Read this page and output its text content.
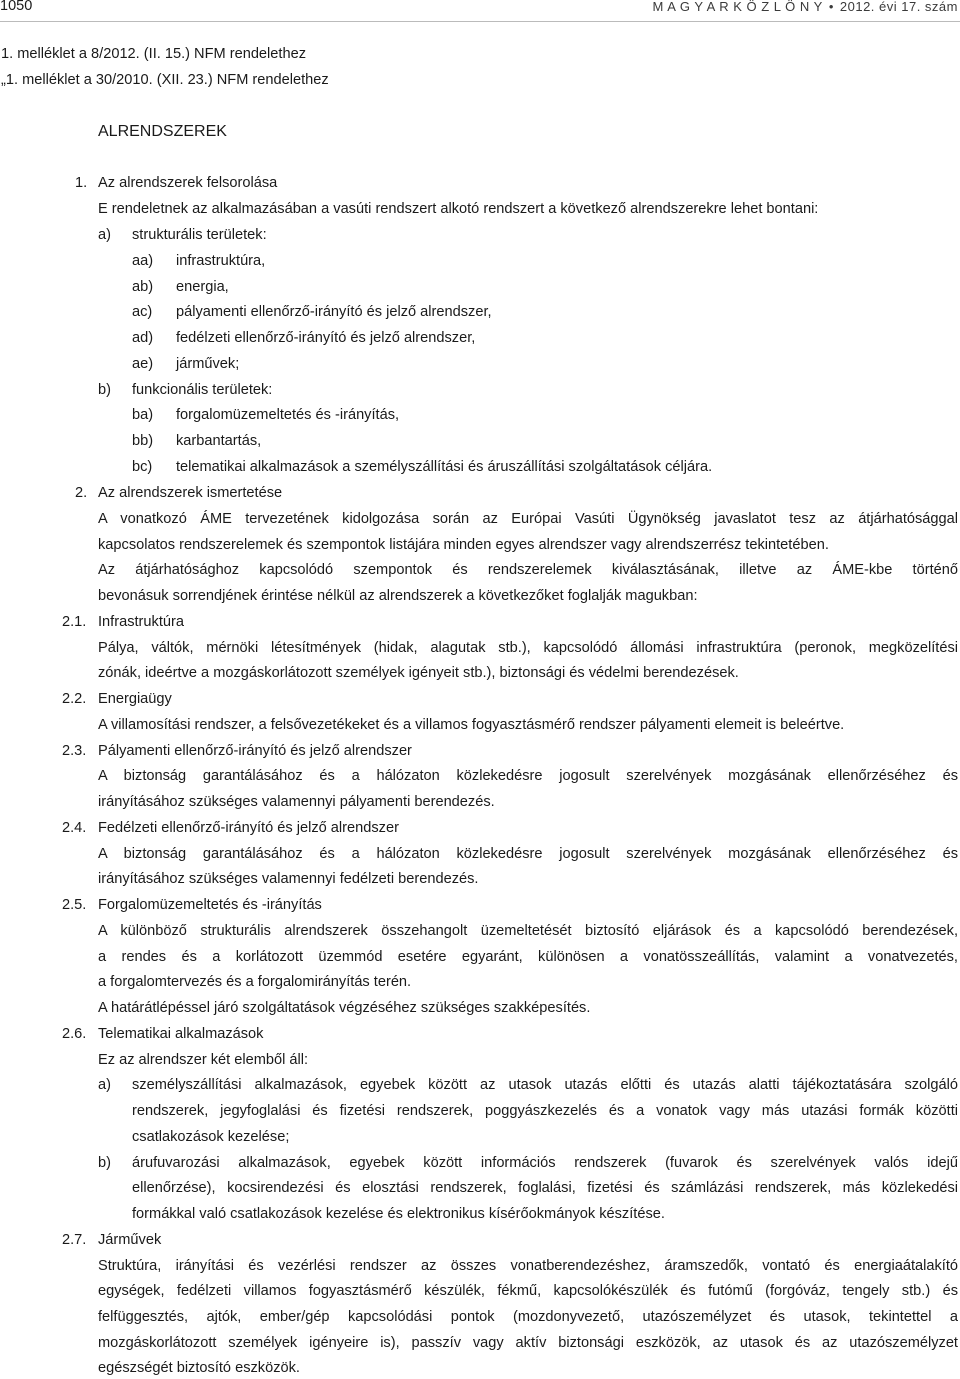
1050	M A G Y A R K Ö Z L Ö N Y • 2012. évi 17. szám
1. melléklet a 8/2012. (II. 15.) NFM rendelethez
„1. melléklet a 30/2010. (XII. 23.) NFM rendelethez
ALRENDSZEREK
1. Az alrendszerek felsorolása
E rendeletnek az alkalmazásában a vasúti rendszert alkotó rendszert a következő alrendszerekre lehet bontani:
a) strukturális területek:
aa) infrastruktúra,
ab) energia,
ac) pályamenti ellenőrző-irányító és jelző alrendszer,
ad) fedélzeti ellenőrző-irányító és jelző alrendszer,
ae) járművek;
b) funkcionális területek:
ba) forgalomüzemeltetés és -irányítás,
bb) karbantartás,
bc) telematikai alkalmazások a személyszállítási és áruszállítási szolgáltatások céljára.
2. Az alrendszerek ismertetése
A vonatkozó ÁME tervezetének kidolgozása során az Európai Vasúti Ügynökség javaslatot tesz az átjárhatósággal
kapcsolatos rendszerelemek és szempontok listájára minden egyes alrendszer vagy alrendszerrész tekintetében.
Az átjárhatósághoz kapcsolódó szempontok és rendszerelemek kiválasztásának, illetve az ÁME-kbe történő
bevonásuk sorrendjének érintése nélkül az alrendszerek a következőket foglalják magukban:
2.1. Infrastruktúra
Pálya, váltók, mérnöki létesítmények (hidak, alagutak stb.), kapcsolódó állomási infrastruktúra (peronok, megközelítési
zónák, ideértve a mozgáskorlátozott személyek igényeit stb.), biztonsági és védelmi berendezések.
2.2. Energiaügy
A villamosítási rendszer, a felsővezetékeket és a villamos fogyasztásmérő rendszer pályamenti elemeit is beleértve.
2.3. Pályamenti ellenőrző-irányító és jelző alrendszer
A biztonság garantálásához és a hálózaton közlekedésre jogosult szerelvények mozgásának ellenőrzéséhez és
irányításához szükséges valamennyi pályamenti berendezés.
2.4. Fedélzeti ellenőrző-irányító és jelző alrendszer
A biztonság garantálásához és a hálózaton közlekedésre jogosult szerelvények mozgásának ellenőrzéséhez és
irányításához szükséges valamennyi fedélzeti berendezés.
2.5. Forgalomüzemeltetés és -irányítás
A különböző strukturális alrendszerek összehangolt üzemeltetését biztosító eljárások és a kapcsolódó berendezések,
a rendes és a korlátozott üzemmód esetére egyaránt, különösen a vonatösszeállítás, valamint a vonatvezetés,
a forgalomtervezés és a forgalomirányítás terén.
A határátlépéssel járó szolgáltatások végzéséhez szükséges szakképesítés.
2.6. Telematikai alkalmazások
Ez az alrendszer két elemből áll:
a) személyszállítási alkalmazások, egyebek között az utasok utazás előtti és utazás alatti tájékoztatására szolgáló
rendszerek, jegyfoglalási és fizetési rendszerek, poggyászkezelés és a vonatok vagy más utazási formák közötti
csatlakozások kezelése;
b) árufuvarozási alkalmazások, egyebek között információs rendszerek (fuvarok és szerelvények valós idejű
ellenőrzése), kocsirendezési és elosztási rendszerek, foglalási, fizetési és számlázási rendszerek, más közlekedési
formákkal való csatlakozások kezelése és elektronikus kísérőokmányok készítése.
2.7. Járművek
Struktúra, irányítási és vezérlési rendszer az összes vonatberendezéshez, áramszedők, vontató és energiaátalakító
egységek, fedélzeti villamos fogyasztásmérő készülék, fékmű, kapcsolókészülék és futómű (forgóváz, tengely stb.) és
felfüggesztés, ajtók, ember/gép kapcsolódási pontok (mozdonyvezető, utazószemélyzet és utasok, tekintettel a
mozgáskorlátozott személyek igényeire is), passzív vagy aktív biztonsági eszközök, az utasok és az utazószemélyzet
egészségét biztosító eszközök.
